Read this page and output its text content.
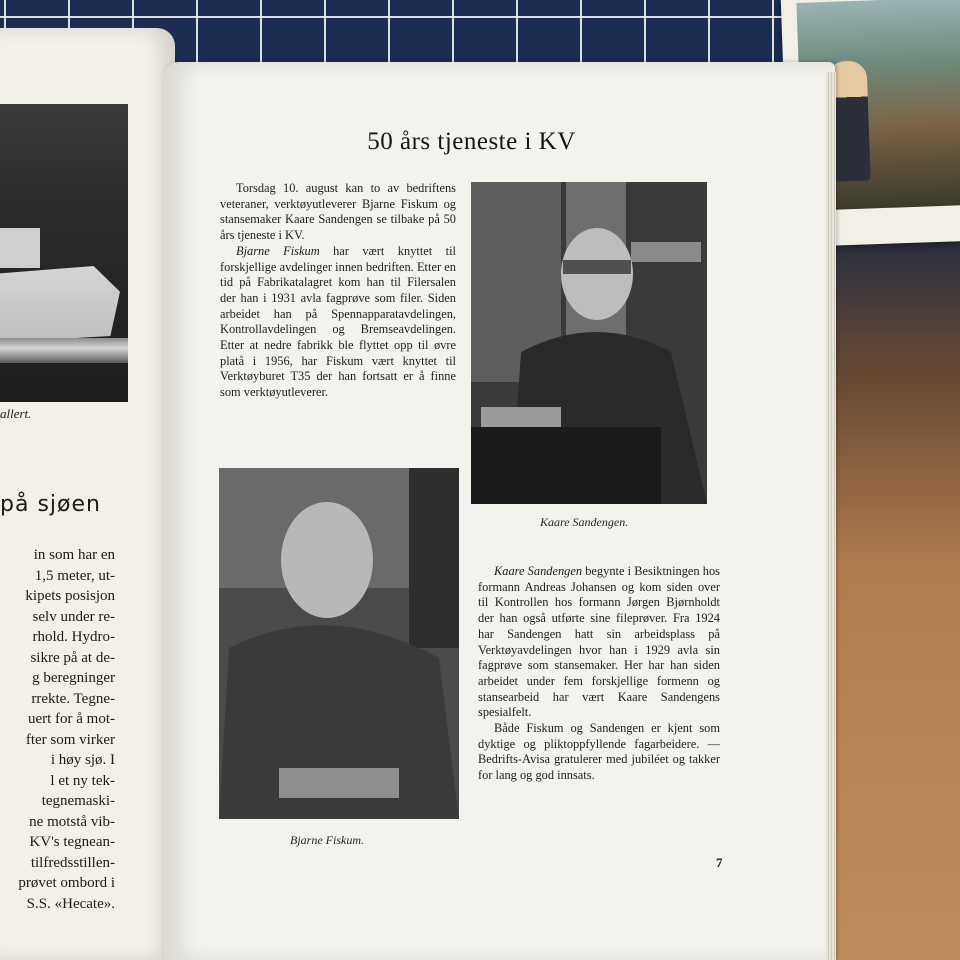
allert.
på sjøen
in som har en
1,5 meter, ut-
kipets posisjon
selv under re-
rhold. Hydro-
sikre på at de-
g beregninger
rrekte. Tegne-
uert for å mot-
fter som virker
i høy sjø. I
l et ny tek-
tegnemaski-
ne motstå vib-
KV's tegnean-
tilfredsstillen-
prøvet ombord i
S.S. «Hecate».
50 års tjeneste i KV

Torsdag 10. august kan to av bedriftens veteraner, verktøyutleverer Bjarne Fiskum og stansemaker Kaare Sandengen se tilbake på 50 års tjeneste i KV.

Bjarne Fiskum har vært knyttet til forskjellige avdelinger innen bedriften. Etter en tid på Fabrikatalagret kom han til Filersalen der han i 1931 avla fagprøve som filer. Siden arbeidet han på Spennapparatavdelingen, Kontrollavdelingen og Bremseavdelingen. Etter at nedre fabrikk ble flyttet opp til øvre platå i 1956, har Fiskum vært knyttet til Verktøyburet T35 der han fortsatt er å finne som verktøyutleverer.

Kaare Sandengen.
Bjarne Fiskum.

Kaare Sandengen begynte i Besiktningen hos formann Andreas Johansen og kom siden over til Kontrollen hos formann Jørgen Bjørnholdt der han også utførte sine fileprøver. Fra 1924 har Sandengen hatt sin arbeidsplass på Verktøyavdelingen hvor han i 1929 avla sin fagprøve som stansemaker. Her har han siden arbeidet under fem forskjellige formenn og stansearbeid har vært Kaare Sandengens spesialfelt.

Både Fiskum og Sandengen er kjent som dyktige og pliktoppfyllende fagarbeidere. — Bedrifts-Avisa gratulerer med jubiléet og takker for lang og god innsats.

7
